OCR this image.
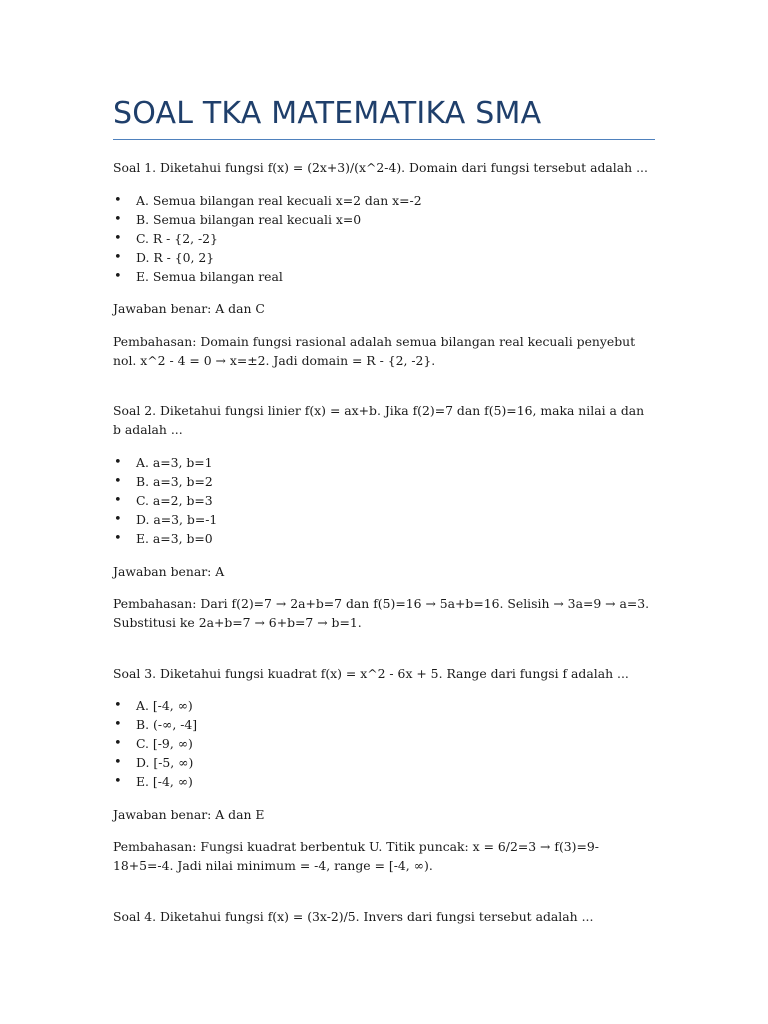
SOAL TKA MATEMATIKA SMA

Soal 1. Diketahui fungsi f(x) = (2x+3)/(x^2-4). Domain dari fungsi tersebut adalah ...

• A. Semua bilangan real kecuali x=2 dan x=-2
• B. Semua bilangan real kecuali x=0
• C. R - {2, -2}
• D. R - {0, 2}
• E. Semua bilangan real

Jawaban benar: A dan C

Pembahasan: Domain fungsi rasional adalah semua bilangan real kecuali penyebut nol. x^2 - 4 = 0 → x=±2. Jadi domain = R - {2, -2}.

Soal 2. Diketahui fungsi linier f(x) = ax+b. Jika f(2)=7 dan f(5)=16, maka nilai a dan b adalah ...

• A. a=3, b=1
• B. a=3, b=2
• C. a=2, b=3
• D. a=3, b=-1
• E. a=3, b=0

Jawaban benar: A

Pembahasan: Dari f(2)=7 → 2a+b=7 dan f(5)=16 → 5a+b=16. Selisih → 3a=9 → a=3. Substitusi ke 2a+b=7 → 6+b=7 → b=1.

Soal 3. Diketahui fungsi kuadrat f(x) = x^2 - 6x + 5. Range dari fungsi f adalah ...

• A. [-4, ∞)
• B. (-∞, -4]
• C. [-9, ∞)
• D. [-5, ∞)
• E. [-4, ∞)

Jawaban benar: A dan E

Pembahasan: Fungsi kuadrat berbentuk U. Titik puncak: x = 6/2=3 → f(3)=9-18+5=-4. Jadi nilai minimum = -4, range = [-4, ∞).

Soal 4. Diketahui fungsi f(x) = (3x-2)/5. Invers dari fungsi tersebut adalah ...
